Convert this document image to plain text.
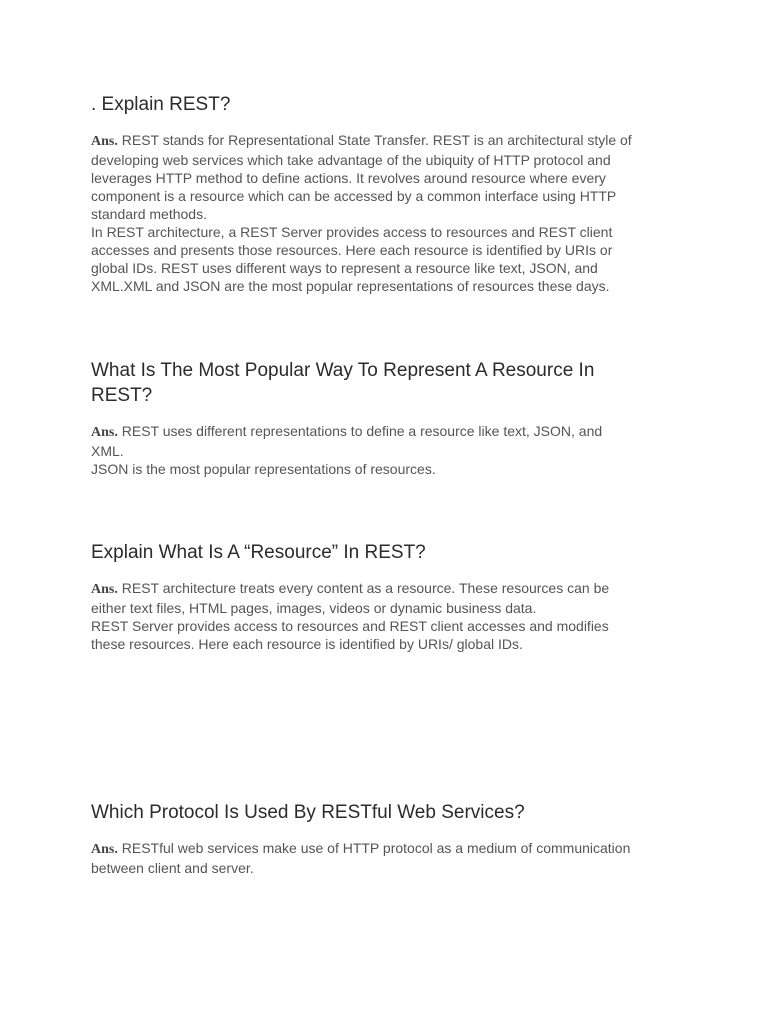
. Explain REST?

Ans. REST stands for Representational State Transfer. REST is an architectural style of
developing web services which take advantage of the ubiquity of HTTP protocol and
leverages HTTP method to define actions. It revolves around resource where every
component is a resource which can be accessed by a common interface using HTTP
standard methods.
In REST architecture, a REST Server provides access to resources and REST client
accesses and presents those resources. Here each resource is identified by URIs or
global IDs. REST uses different ways to represent a resource like text, JSON, and
XML.XML and JSON are the most popular representations of resources these days.

What Is The Most Popular Way To Represent A Resource In
REST?

Ans. REST uses different representations to define a resource like text, JSON, and
XML.
JSON is the most popular representations of resources.

Explain What Is A “Resource” In REST?

Ans. REST architecture treats every content as a resource. These resources can be
either text files, HTML pages, images, videos or dynamic business data.
REST Server provides access to resources and REST client accesses and modifies
these resources. Here each resource is identified by URIs/ global IDs.

Which Protocol Is Used By RESTful Web Services?

Ans. RESTful web services make use of HTTP protocol as a medium of communication
between client and server.
